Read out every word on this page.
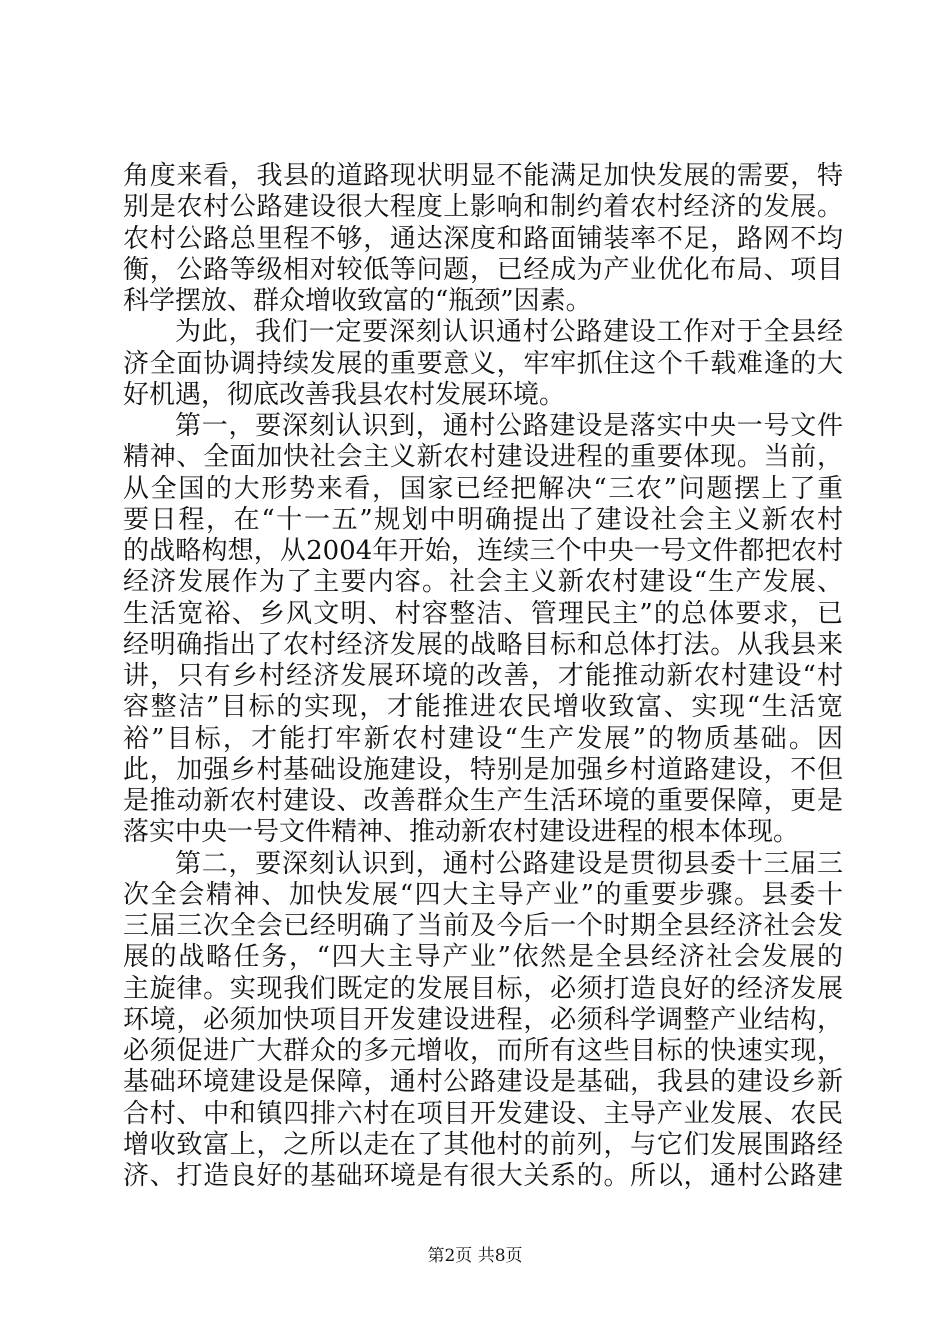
角度来看，我县的道路现状明显不能满足加快发展的需要，特
别是农村公路建设很大程度上影响和制约着农村经济的发展。
农村公路总里程不够，通达深度和路面铺装率不足，路网不均
衡，公路等级相对较低等问题，已经成为产业优化布局、项目
科学摆放、群众增收致富的“瓶颈”因素。
为此，我们一定要深刻认识通村公路建设工作对于全县经
济全面协调持续发展的重要意义，牢牢抓住这个千载难逢的大
好机遇，彻底改善我县农村发展环境。
第一，要深刻认识到，通村公路建设是落实中央一号文件
精神、全面加快社会主义新农村建设进程的重要体现。当前，
从全国的大形势来看，国家已经把解决“三农”问题摆上了重
要日程，在“十一五”规划中明确提出了建设社会主义新农村
的战略构想，从2004年开始，连续三个中央一号文件都把农村
经济发展作为了主要内容。社会主义新农村建设“生产发展、
生活宽裕、乡风文明、村容整洁、管理民主”的总体要求，已
经明确指出了农村经济发展的战略目标和总体打法。从我县来
讲，只有乡村经济发展环境的改善，才能推动新农村建设“村
容整洁”目标的实现，才能推进农民增收致富、实现“生活宽
裕”目标，才能打牢新农村建设“生产发展”的物质基础。因
此，加强乡村基础设施建设，特别是加强乡村道路建设，不但
是推动新农村建设、改善群众生产生活环境的重要保障，更是
落实中央一号文件精神、推动新农村建设进程的根本体现。
第二，要深刻认识到，通村公路建设是贯彻县委十三届三
次全会精神、加快发展“四大主导产业”的重要步骤。县委十
三届三次全会已经明确了当前及今后一个时期全县经济社会发
展的战略任务，“四大主导产业”依然是全县经济社会发展的
主旋律。实现我们既定的发展目标，必须打造良好的经济发展
环境，必须加快项目开发建设进程，必须科学调整产业结构，
必须促进广大群众的多元增收，而所有这些目标的快速实现，
基础环境建设是保障，通村公路建设是基础，我县的建设乡新
合村、中和镇四排六村在项目开发建设、主导产业发展、农民
增收致富上，之所以走在了其他村的前列，与它们发展围路经
济、打造良好的基础环境是有很大关系的。所以，通村公路建
第2页 共8页
